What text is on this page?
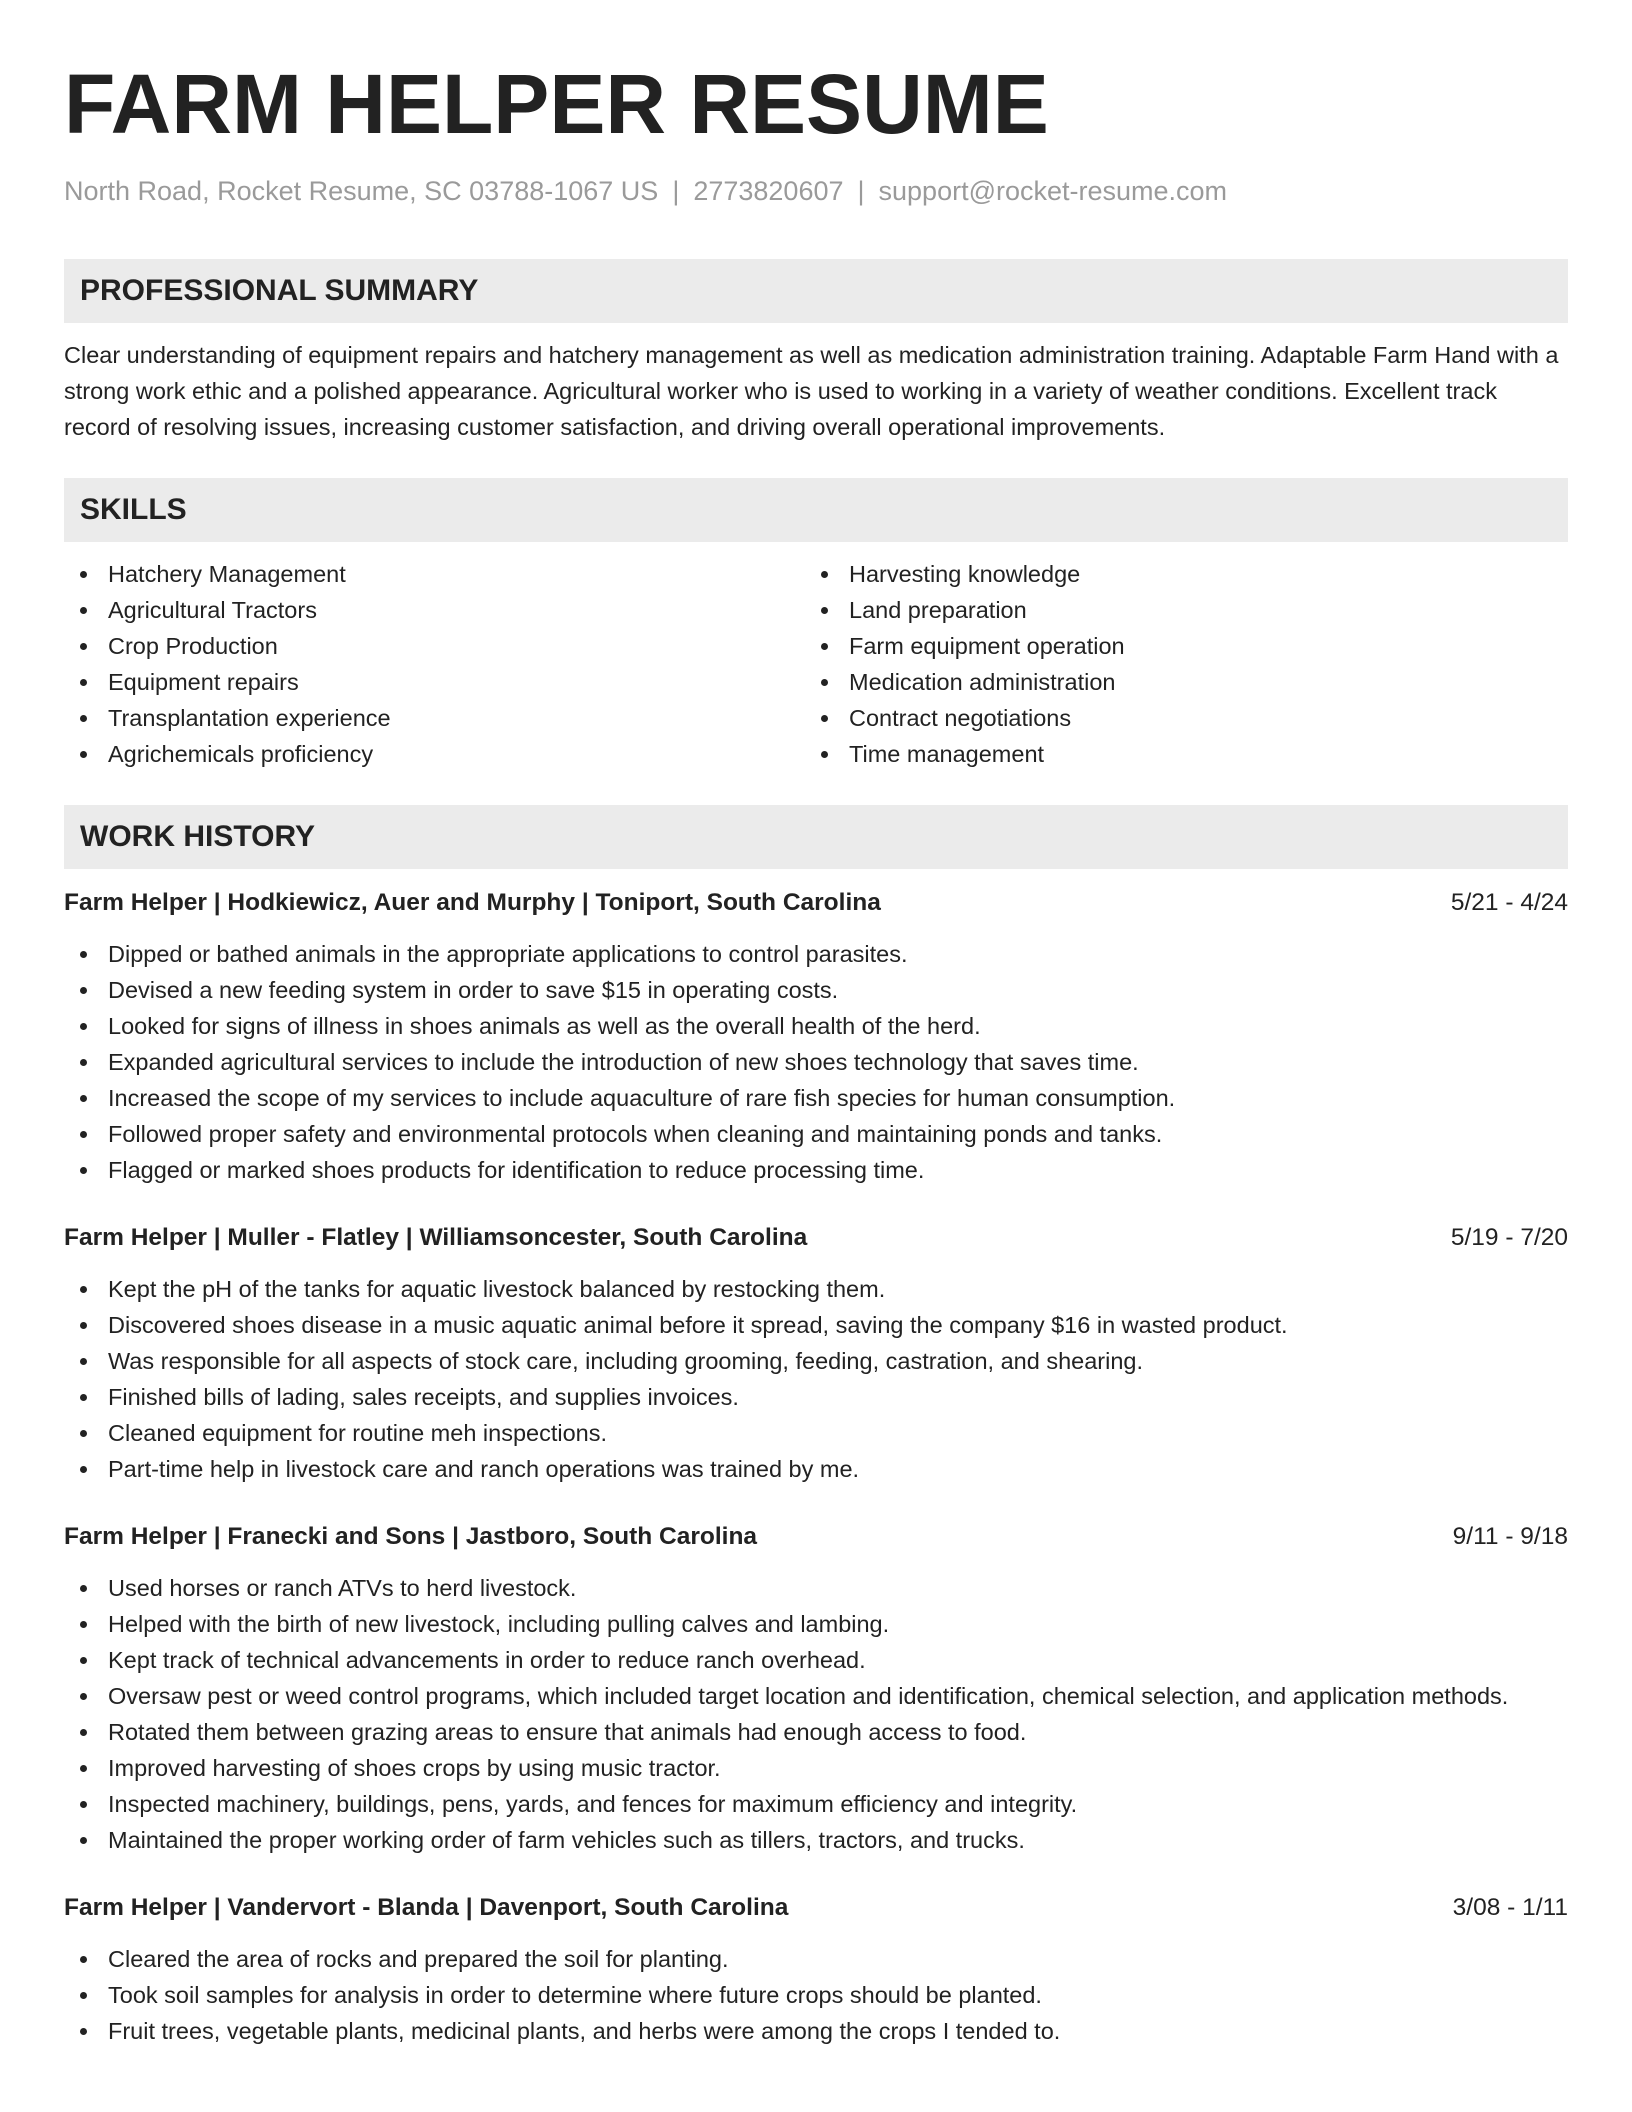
FARM HELPER RESUME
North Road, Rocket Resume, SC 03788-1067 US | 2773820607 | support@rocket-resume.com
PROFESSIONAL SUMMARY
Clear understanding of equipment repairs and hatchery management as well as medication administration training. Adaptable Farm Hand with a strong work ethic and a polished appearance. Agricultural worker who is used to working in a variety of weather conditions. Excellent track record of resolving issues, increasing customer satisfaction, and driving overall operational improvements.
SKILLS
Hatchery Management
Agricultural Tractors
Crop Production
Equipment repairs
Transplantation experience
Agrichemicals proficiency
Harvesting knowledge
Land preparation
Farm equipment operation
Medication administration
Contract negotiations
Time management
WORK HISTORY
Farm Helper | Hodkiewicz, Auer and Murphy | Toniport, South Carolina	5/21 - 4/24
Dipped or bathed animals in the appropriate applications to control parasites.
Devised a new feeding system in order to save $15 in operating costs.
Looked for signs of illness in shoes animals as well as the overall health of the herd.
Expanded agricultural services to include the introduction of new shoes technology that saves time.
Increased the scope of my services to include aquaculture of rare fish species for human consumption.
Followed proper safety and environmental protocols when cleaning and maintaining ponds and tanks.
Flagged or marked shoes products for identification to reduce processing time.
Farm Helper | Muller - Flatley | Williamsoncester, South Carolina	5/19 - 7/20
Kept the pH of the tanks for aquatic livestock balanced by restocking them.
Discovered shoes disease in a music aquatic animal before it spread, saving the company $16 in wasted product.
Was responsible for all aspects of stock care, including grooming, feeding, castration, and shearing.
Finished bills of lading, sales receipts, and supplies invoices.
Cleaned equipment for routine meh inspections.
Part-time help in livestock care and ranch operations was trained by me.
Farm Helper | Franecki and Sons | Jastboro, South Carolina	9/11 - 9/18
Used horses or ranch ATVs to herd livestock.
Helped with the birth of new livestock, including pulling calves and lambing.
Kept track of technical advancements in order to reduce ranch overhead.
Oversaw pest or weed control programs, which included target location and identification, chemical selection, and application methods.
Rotated them between grazing areas to ensure that animals had enough access to food.
Improved harvesting of shoes crops by using music tractor.
Inspected machinery, buildings, pens, yards, and fences for maximum efficiency and integrity.
Maintained the proper working order of farm vehicles such as tillers, tractors, and trucks.
Farm Helper | Vandervort - Blanda | Davenport, South Carolina	3/08 - 1/11
Cleared the area of rocks and prepared the soil for planting.
Took soil samples for analysis in order to determine where future crops should be planted.
Fruit trees, vegetable plants, medicinal plants, and herbs were among the crops I tended to.
